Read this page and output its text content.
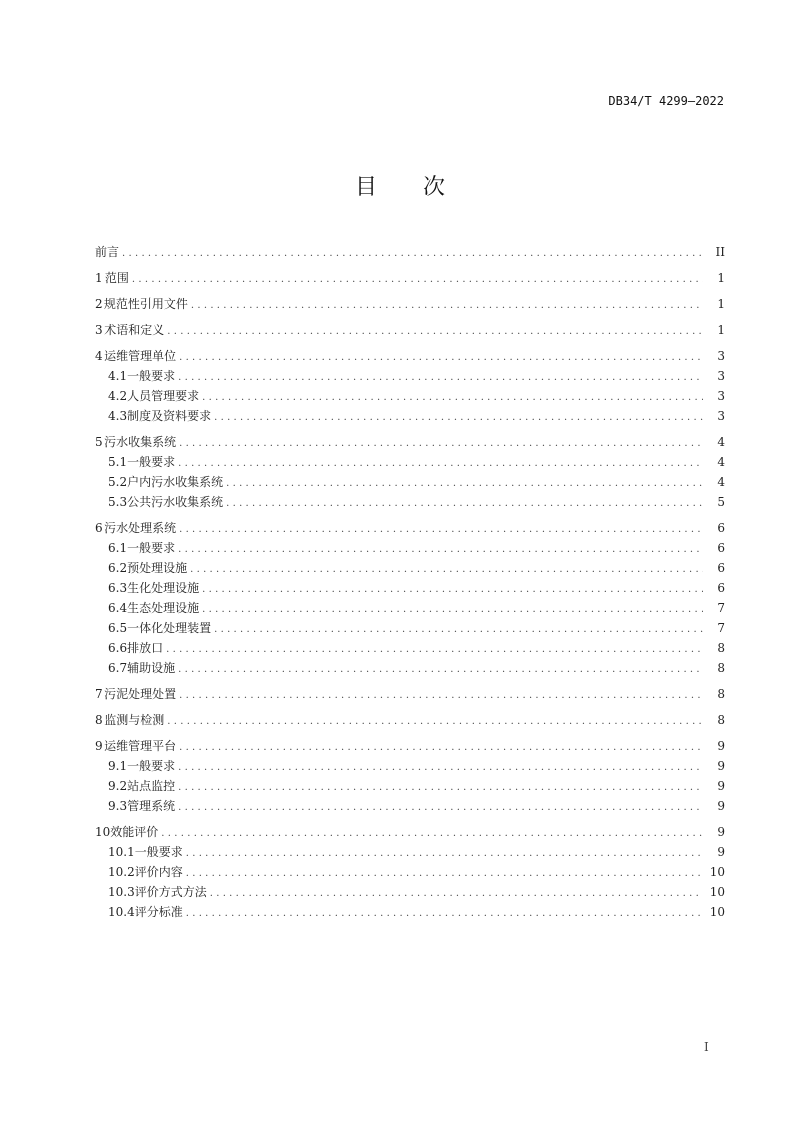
DB34/T 4299—2022
目 次
前言 .....	II
1 范围 .....	1
2 规范性引用文件 .....	1
3 术语和定义 .....	1
4 运维管理单位 .....	3
4.1 一般要求 .....	3
4.2 人员管理要求 .....	3
4.3 制度及资料要求 .....	3
5 污水收集系统 .....	4
5.1 一般要求 .....	4
5.2 户内污水收集系统 .....	4
5.3 公共污水收集系统 .....	5
6 污水处理系统 .....	6
6.1 一般要求 .....	6
6.2 预处理设施 .....	6
6.3 生化处理设施 .....	6
6.4 生态处理设施 .....	7
6.5 一体化处理装置 .....	7
6.6 排放口 .....	8
6.7 辅助设施 .....	8
7 污泥处理处置 .....	8
8 监测与检测 .....	8
9 运维管理平台 .....	9
9.1 一般要求 .....	9
9.2 站点监控 .....	9
9.3 管理系统 .....	9
10 效能评价 .....	9
10.1 一般要求 .....	9
10.2 评价内容 .....	10
10.3 评价方式方法 .....	10
10.4 评分标准 .....	10
I
